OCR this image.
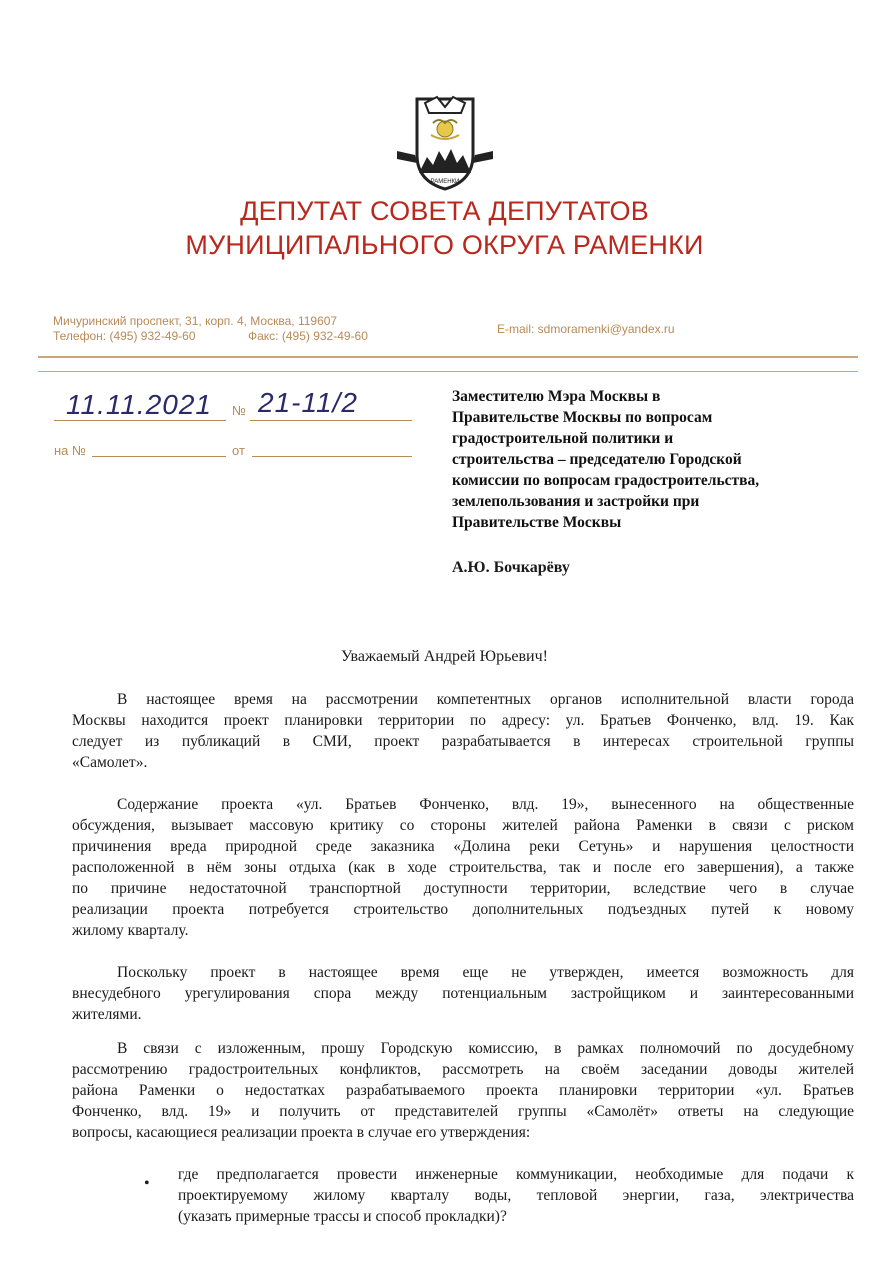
РАМЕНКИ
ДЕПУТАТ СОВЕТА ДЕПУТАТОВ
МУНИЦИПАЛЬНОГО ОКРУГА РАМЕНКИ
Мичуринский проспект, 31, корп. 4, Москва, 119607
Телефон: (495) 932-49-60	Факс: (495) 932-49-60	E-mail: sdmoramenki@yandex.ru
11.11.2021 № 21-11/2
на №	от
Заместителю Мэра Москвы в
Правительстве Москвы по вопросам
градостроительной политики и
строительства – председателю Городской
комиссии по вопросам градостроительства,
землепользования и застройки при
Правительстве Москвы
А.Ю. Бочкарёву
Уважаемый Андрей Юрьевич!
В настоящее время на рассмотрении компетентных органов исполнительной власти города
Москвы находится проект планировки территории по адресу: ул. Братьев Фонченко, влд. 19. Как
следует из публикаций в СМИ, проект разрабатывается в интересах строительной группы
«Самолет».
Содержание проекта «ул. Братьев Фонченко, влд. 19», вынесенного на общественные
обсуждения, вызывает массовую критику со стороны жителей района Раменки в связи с риском
причинения вреда природной среде заказника «Долина реки Сетунь» и нарушения целостности
расположенной в нём зоны отдыха (как в ходе строительства, так и после его завершения), а также
по причине недостаточной транспортной доступности территории, вследствие чего в случае
реализации проекта потребуется строительство дополнительных подъездных путей к новому
жилому кварталу.
Поскольку проект в настоящее время еще не утвержден, имеется возможность для
внесудебного урегулирования спора между потенциальным застройщиком и заинтересованными
жителями.
В связи с изложенным, прошу Городскую комиссию, в рамках полномочий по досудебному
рассмотрению градостроительных конфликтов, рассмотреть на своём заседании доводы жителей
района Раменки о недостатках разрабатываемого проекта планировки территории «ул. Братьев
Фонченко, влд. 19» и получить от представителей группы «Самолёт» ответы на следующие
вопросы, касающиеся реализации проекта в случае его утверждения:
•
где предполагается провести инженерные коммуникации, необходимые для подачи к
проектируемому жилому кварталу воды, тепловой энергии, газа, электричества
(указать примерные трассы и способ прокладки)?
